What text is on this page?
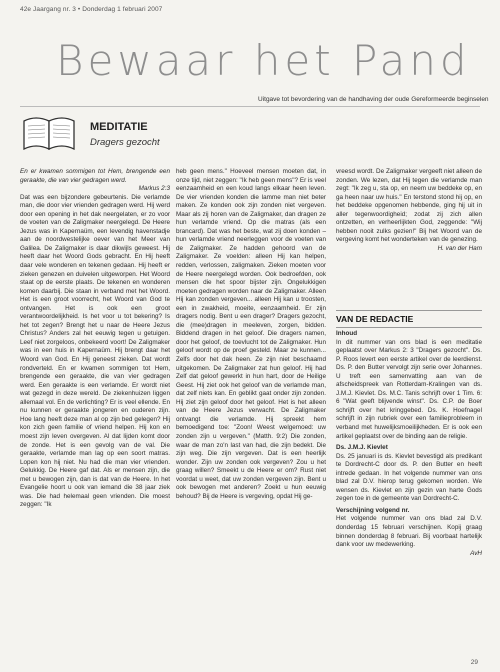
42e Jaargang nr. 3 • Donderdag 1 februari 2007
Bewaar het Pand
Uitgave tot bevordering van de handhaving der oude Gereformeerde beginselen
MEDITATIE
Dragers gezocht

En er kwamen sommigen tot Hem, brengende een geraakte, die van vier gedragen werd.

Markus 2:3

Dat was een bijzondere gebeurtenis. Die verlamde man, die door vier vrienden gedragen werd. Hij werd door een opening in het dak neergelaten, er zo voor de voeten van de Zaligmaker neergelegd. De Heere Jezus was in Kapernaüm, een levendig havenstadje aan de noordwestelijke oever van het Meer van Galilea. De Zaligmaker is daar dikwijls geweest. Hij heeft daar het Woord Gods gebracht. En Hij heeft daar vele wonderen en tekenen gedaan. Hij heeft er zieken genezen en duivelen uitgeworpen. Het Woord staat op de eerste plaats. De tekenen en wonderen komen daarbij. Die staan in verband met het Woord. Het is een groot voorrecht, het Woord van God te ontvangen. Het is ook een groot verantwoordelijkheid. Is het voor u tot bekering? Is het tot zegen? Brengt het u naar de Heere Jezus Christus? Anders zal het eeuwig tegen u getuigen. Leef niet zorgeloos, onbekeerd voort! De Zaligmaker was in een huis in Kapernaüm. Hij brengt daar het Woord van God. En Hij geneest zieken. Dat wordt rondverteld. En er kwamen sommigen tot Hem, brengende een geraakte, die van vier gedragen werd. Een geraakte is een verlamde. Er wordt niet wat gezegd in deze wereld. De ziekenhuizen liggen allemaal vol. En de verlichting? Er is veel ellende. En nu kunnen er geraakte jongeren en ouderen zijn. Hoe lang heeft deze man al op zijn bed gelegen? Hij kon zich geen familie of vriend helpen. Hij kon en moest zijn leven overgeven. Al dat lijden komt door de zonde. Het is een gevolg van de val. Die geraakte, verlamde man lag op een soort matras. Lopen kon hij niet. Nu had die man vier vrienden. Gelukkig. De Heere gaf dat. Als er mensen zijn, die met u bewogen zijn, dan is dat van de Heere. In het Evangelie hoort u ook van iemand die 38 jaar ziek was. Die had helemaal geen vrienden. Die moest zeggen: "Ik

heb geen mens." Hoeveel mensen moeten dat, in onze tijd, niet zeggen: "Ik heb geen mens"? Er is veel eenzaamheid en een koud langs elkaar heen leven. De vier vrienden konden die lamme man niet beter maken. Ze konden ook zijn zonden niet vergeven. Maar als zij horen van de Zaligmaker, dan dragen ze hun verlamde vriend. Op die matras (als een brancard). Dat was het beste, wat zij doen konden – hun verlamde vriend neerleggen voor de voeten van de Zaligmaker. Ze hadden gehoord van de Zaligmaker. Ze voelden: alleen Hij kan helpen, redden, verlossen, zaligmaken. Zieken moeten voor de Heere neergelegd worden. Ook bedroefden, ook mensen die het spoor bijster zijn. Ongelukkigen moeten gedragen worden naar de Zaligmaker. Alleen Hij kan zonden vergeven... alleen Hij kan u troosten, een in zwakheid, moeite, eenzaamheid. Er zijn dragers nodig. Bent u een drager? Dragers gezocht, die (mee)dragen in meeleven, zorgen, bidden. Biddend dragen in het geloof. Die dragers namen, door het geloof, de toevlucht tot de Zaligmaker. Hun geloof wordt op de proef gesteld. Maar ze kunnen... Zelfs door het dak heen. Ze zijn niet beschaamd uitgekomen. De Zaligmaker zat hun geloof. Hij had Zelf dat geloof gewerkt in hun hart, door de Heilige Geest. Hij ziet ook het geloof van de verlamde man, dat zelf niets kan. En geblikt gaat onder zijn zonden. Hij ziet zijn geloof door het geloof. Het is het alleen van de Heere Jezus verwacht. De Zaligmaker ontvangt die verlamde. Hij spreekt hem bemoedigend toe: "Zoon! Weest welgemoed: uw zonden zijn u vergeven." (Matth. 9:2) Die zonden, waar de man zo'n last van had, die zijn bedekt. Die zijn weg. Die zijn vergeven. Dat is een heerlijk wonder. Zijn uw zonden ook vergeven? Zou u het graag willen? Smeekt u de Heere er om? Rust niet voordat u weet, dat uw zonden vergeven zijn. Bent u ook bewogen met anderen? Zoekt u hun eeuwig behoud? Bij de Heere is vergeving, opdat Hij ge-

vreesd wordt. De Zaligmaker vergeeft niet alleen de zonden. We lezen, dat Hij tegen die verlamde man zegt: "Ik zeg u, sta op, en neem uw beddeke op, en ga heen naar uw huis." En terstond stond hij op, en het beddeke opgenomen hebbende, ging hij uit in aller tegenwoordigheid; zodat zij zich allen ontzetten, en verheerlijkten God, zeggende: "Wij hebben nooit zulks gezien!" Bij het Woord van de vergeving komt het wonderteken van de genezing.

H. van der Ham

VAN DE REDACTIE

Inhoud

In dit nummer van ons blad is een meditatie geplaatst over Markus 2: 3 "Dragers gezocht". Ds. P. Roos levert een eerste artikel over de leerdienst. Ds. P. den Butter vervolgt zijn serie over Johannes. U treft een samenvatting aan van de afscheidspreek van Rotterdam-Kralingen van ds. J.M.J. Kievlet. Ds. M.C. Tanis schrijft over 1 Tim. 6: 6 "Wat geeft blijvende winst". Ds. C.P. de Boer schrijft over het kringgebed. Ds. K. Hoefnagel schrijft in zijn rubriek over een familieprobleem in verband met huwelijksmoeilijkheden. Er is ook een artikel geplaatst over de binding aan de religie.

Ds. J.M.J. Kievlet

Ds. 25 januari is ds. Kievlet bevestigd als predikant te Dordrecht-C door ds. P. den Butter en heeft intrede gedaan. In het volgende nummer van ons blad zal D.V. hierop terug gekomen worden. We wensen ds. Kievlet en zijn gezin van harte Gods zegen toe in de gemeente van Dordrecht-C.

Verschijning volgend nr.

Het volgende nummer van ons blad zal D.V. donderdag 15 februari verschijnen. Kopij graag binnen donderdag 8 februari. Bij voorbaat hartelijk dank voor uw medewerking.

AvH

29
